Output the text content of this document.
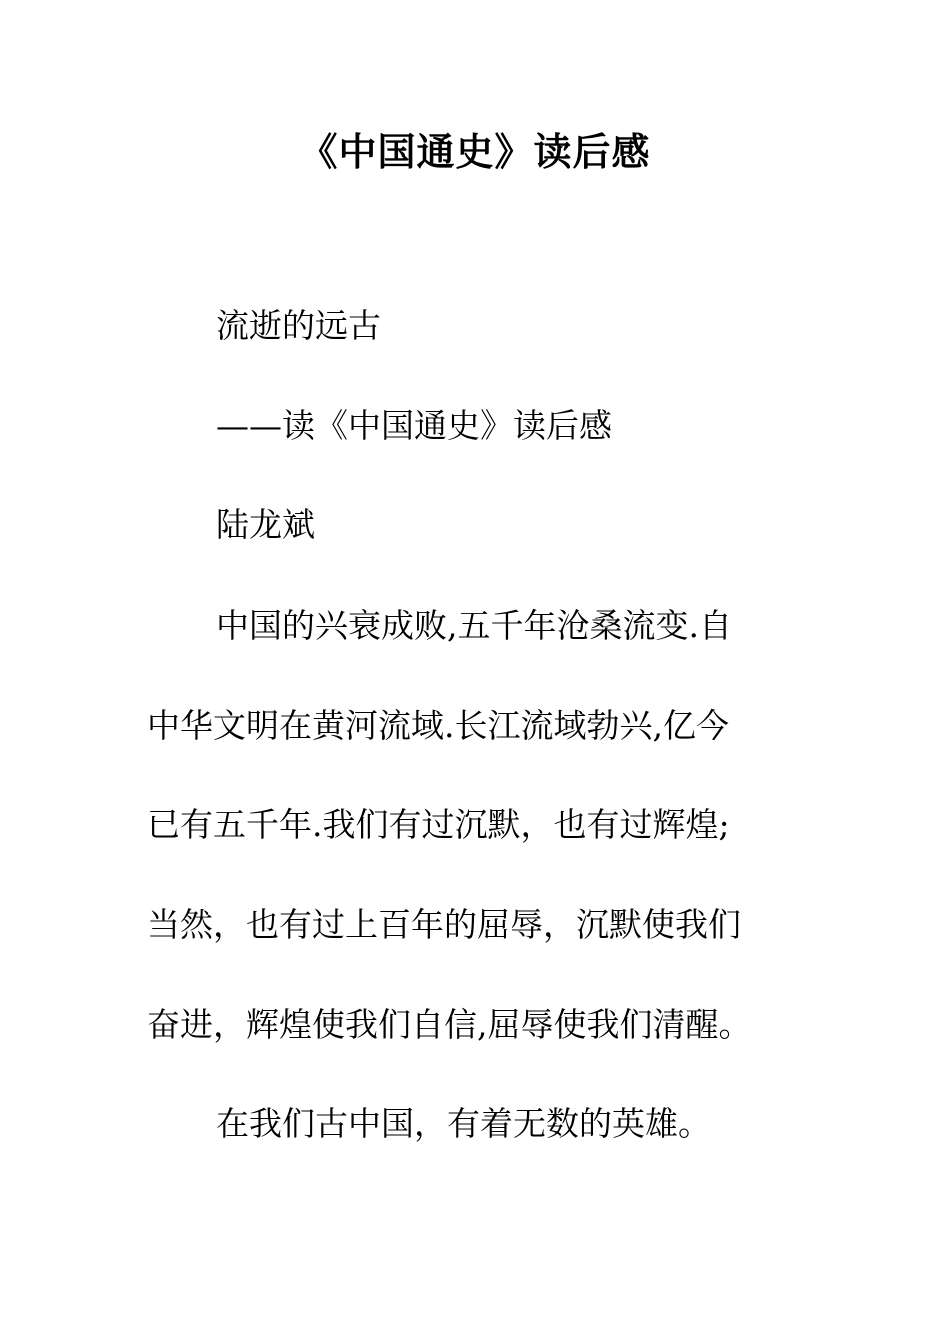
《中国通史》读后感
流逝的远古
——读《中国通史》读后感
陆龙斌
中国的兴衰成败,五千年沧桑流变.自
中华文明在黄河流域.长江流域勃兴,亿今
已有五千年.我们有过沉默，也有过辉煌;
当然，也有过上百年的屈辱，沉默使我们
奋进，辉煌使我们自信,屈辱使我们清醒。
在我们古中国，有着无数的英雄。
